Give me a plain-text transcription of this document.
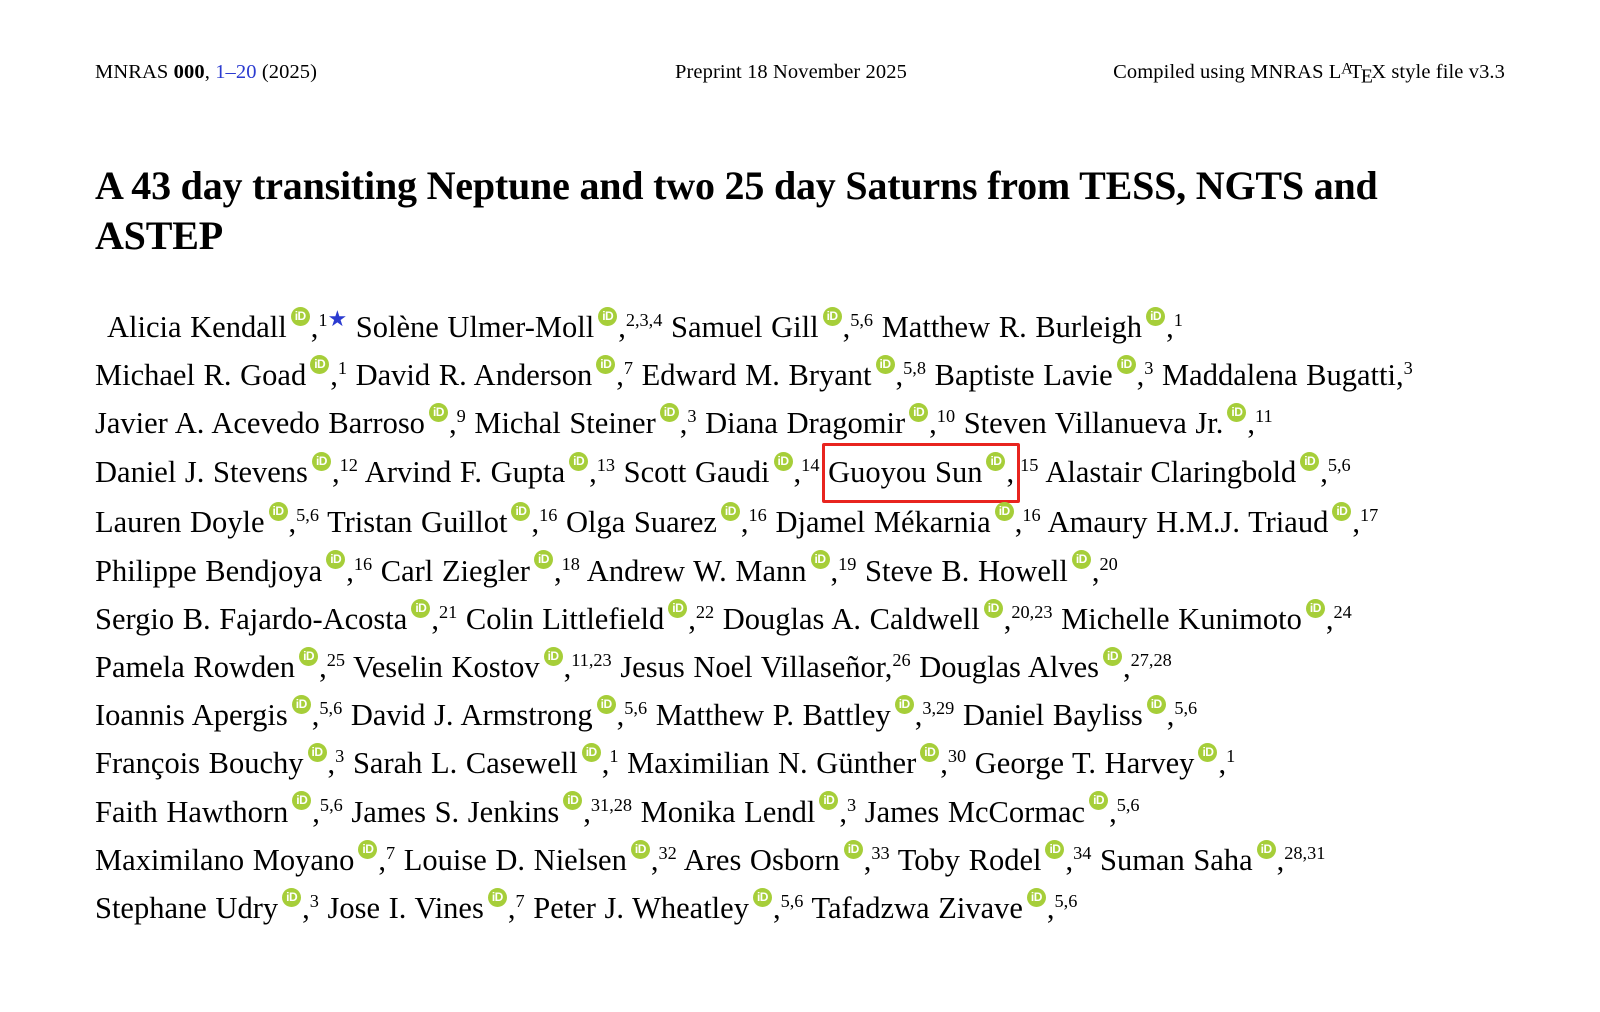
MNRAS 000, 1–20 (2025)	Preprint 18 November 2025	Compiled using MNRAS LATEX style file v3.3
A 43 day transiting Neptune and two 25 day Saturns from TESS, NGTS and ASTEP
Alicia Kendall ,$^{1★}$ Solène Ulmer-Moll ,$^{2,3,4}$ Samuel Gill ,$^{5,6}$ Matthew R. Burleigh ,$^1$ Michael R. Goad ,$^1$ David R. Anderson ,$^7$ Edward M. Bryant ,$^{5,8}$ Baptiste Lavie ,$^3$ Maddalena Bugatti,$^3$ Javier A. Acevedo Barroso ,$^9$ Michal Steiner ,$^3$ Diana Dragomir ,$^{10}$ Steven Villanueva Jr. ,$^{11}$ Daniel J. Stevens ,$^{12}$ Arvind F. Gupta ,$^{13}$ Scott Gaudi ,$^{14}$ Guoyou Sun , $^{15}$ Alastair Claringbold ,$^{5,6}$ Lauren Doyle ,$^{5,6}$ Tristan Guillot ,$^{16}$ Olga Suarez ,$^{16}$ Djamel Mékarnia ,$^{16}$ Amaury H.M.J. Triaud ,$^{17}$ Philippe Bendjoya ,$^{16}$ Carl Ziegler ,$^{18}$ Andrew W. Mann ,$^{19}$ Steve B. Howell ,$^{20}$ Sergio B. Fajardo-Acosta ,$^{21}$ Colin Littlefield ,$^{22}$ Douglas A. Caldwell ,$^{20,23}$ Michelle Kunimoto ,$^{24}$ Pamela Rowden ,$^{25}$ Veselin Kostov ,$^{11,23}$ Jesus Noel Villaseñor,$^{26}$ Douglas Alves ,$^{27,28}$ Ioannis Apergis ,$^{5,6}$ David J. Armstrong ,$^{5,6}$ Matthew P. Battley ,$^{3,29}$ Daniel Bayliss ,$^{5,6}$ François Bouchy ,$^3$ Sarah L. Casewell ,$^1$ Maximilian N. Günther ,$^{30}$ George T. Harvey ,$^1$ Faith Hawthorn ,$^{5,6}$ James S. Jenkins ,$^{31,28}$ Monika Lendl ,$^3$ James McCormac ,$^{5,6}$ Maximilano Moyano ,$^7$ Louise D. Nielsen ,$^{32}$ Ares Osborn ,$^{33}$ Toby Rodel ,$^{34}$ Suman Saha ,$^{28,31}$ Stephane Udry ,$^3$ Jose I. Vines ,$^7$ Peter J. Wheatley ,$^{5,6}$ Tafadzwa Zivave ,$^{5,6}$
